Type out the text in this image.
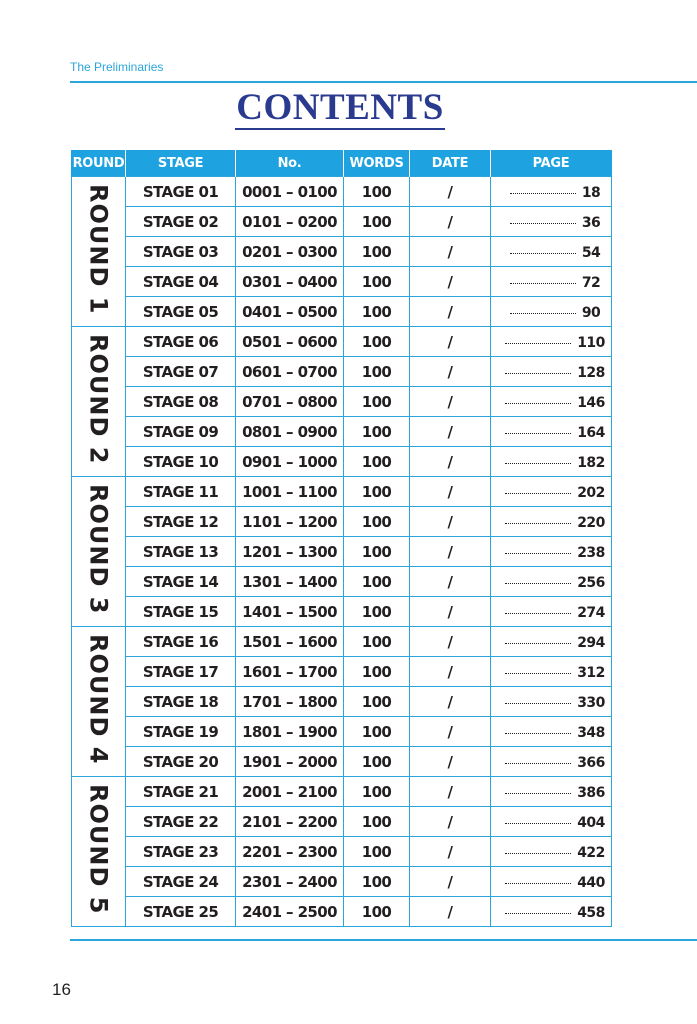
The Preliminaries
CONTENTS
ROUND	STAGE	No.	WORDS	DATE	PAGE
ROUND 1	STAGE 01	0001 – 0100	100	/	18
	STAGE 02	0101 – 0200	100	/	36
	STAGE 03	0201 – 0300	100	/	54
	STAGE 04	0301 – 0400	100	/	72
	STAGE 05	0401 – 0500	100	/	90
ROUND 2	STAGE 06	0501 – 0600	100	/	110
	STAGE 07	0601 – 0700	100	/	128
	STAGE 08	0701 – 0800	100	/	146
	STAGE 09	0801 – 0900	100	/	164
	STAGE 10	0901 – 1000	100	/	182
ROUND 3	STAGE 11	1001 – 1100	100	/	202
	STAGE 12	1101 – 1200	100	/	220
	STAGE 13	1201 – 1300	100	/	238
	STAGE 14	1301 – 1400	100	/	256
	STAGE 15	1401 – 1500	100	/	274
ROUND 4	STAGE 16	1501 – 1600	100	/	294
	STAGE 17	1601 – 1700	100	/	312
	STAGE 18	1701 – 1800	100	/	330
	STAGE 19	1801 – 1900	100	/	348
	STAGE 20	1901 – 2000	100	/	366
ROUND 5	STAGE 21	2001 – 2100	100	/	386
	STAGE 22	2101 – 2200	100	/	404
	STAGE 23	2201 – 2300	100	/	422
	STAGE 24	2301 – 2400	100	/	440
	STAGE 25	2401 – 2500	100	/	458
16
